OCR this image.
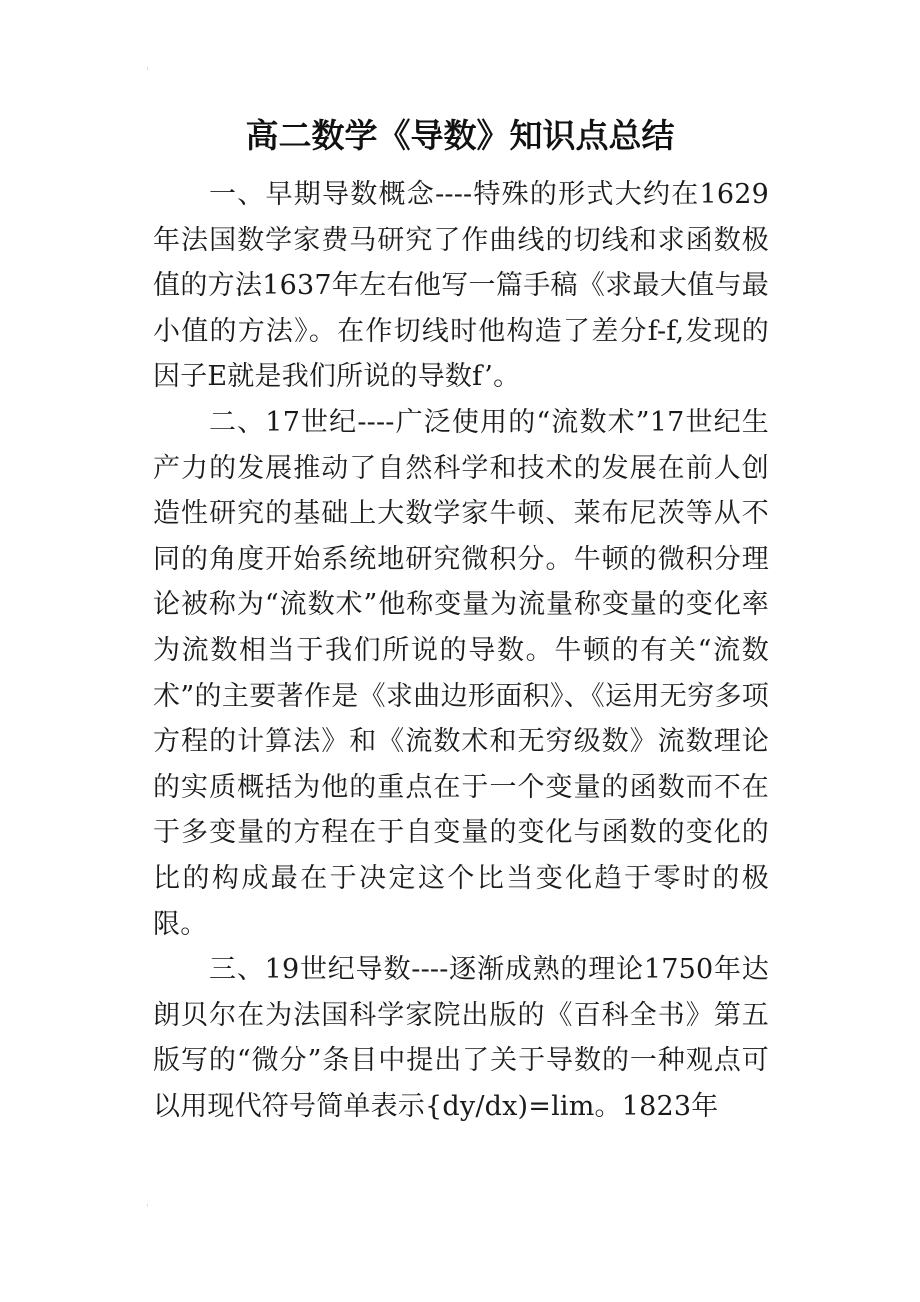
ˈ
高二数学《导数》知识点总结

一、早期导数概念----特殊的形式大约在1629年法国数学家费马研究了作曲线的切线和求函数极值的方法1637年左右他写一篇手稿《求最大值与最小值的方法》。在作切线时他构造了差分f-f,发现的因子E就是我们所说的导数f’。

二、17世纪----广泛使用的“流数术”17世纪生产力的发展推动了自然科学和技术的发展在前人创造性研究的基础上大数学家牛顿、莱布尼茨等从不同的角度开始系统地研究微积分。牛顿的微积分理论被称为“流数术”他称变量为流量称变量的变化率为流数相当于我们所说的导数。牛顿的有关“流数术”的主要著作是《求曲边形面积》、《运用无穷多项方程的计算法》和《流数术和无穷级数》流数理论的实质概括为他的重点在于一个变量的函数而不在于多变量的方程在于自变量的变化与函数的变化的比的构成最在于决定这个比当变化趋于零时的极限。

三、19世纪导数----逐渐成熟的理论1750年达朗贝尔在为法国科学家院出版的《百科全书》第五版写的“微分”条目中提出了关于导数的一种观点可以用现代符号简单表示{dy/dx)=lim。1823年

ˌ
